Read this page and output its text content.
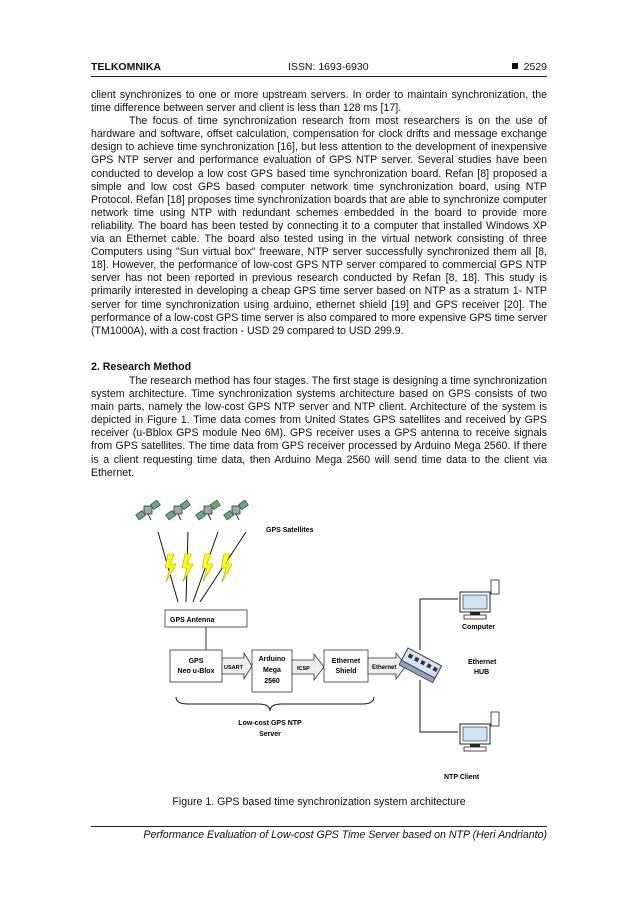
TELKOMNIKA	ISSN: 1693-6930	2529

client synchronizes to one or more upstream servers. In order to maintain synchronization, the time difference between server and client is less than 128 ms [17].

The focus of time synchronization research from most researchers is on the use of hardware and software, offset calculation, compensation for clock drifts and message exchange design to achieve time synchronization [16], but less attention to the development of inexpensive GPS NTP server and performance evaluation of GPS NTP server. Several studies have been conducted to develop a low cost GPS based time synchronization board. Refan [8] proposed a simple and low cost GPS based computer network time synchronization board, using NTP Protocol. Refan [18] proposes time synchronization boards that are able to synchronize computer network time using NTP with redundant schemes embedded in the board to provide more reliability. The board has been tested by connecting it to a computer that installed Windows XP via an Ethernet cable. The board also tested using in the virtual network consisting of three Computers using "Sun virtual box" freeware, NTP server successfully synchronized them all [8, 18]. However, the performance of low-cost GPS NTP server compared to commercial GPS NTP server has not been reported in previous research conducted by Refan [8, 18]. This study is primarily interested in developing a cheap GPS time server based on NTP as a stratum 1- NTP server for time synchronization using arduino, ethernet shield [19] and GPS receiver [20]. The performance of a low-cost GPS time server is also compared to more expensive GPS time server (TM1000A), with a cost fraction - USD 29 compared to USD 299.9.

2. Research Method

The research method has four stages. The first stage is designing a time synchronization system architecture. Time synchronization systems architecture based on GPS consists of two main parts, namely the low-cost GPS NTP server and NTP client. Architecture of the system is depicted in Figure 1. Time data comes from United States GPS satellites and received by GPS receiver (u-Bblox GPS module Neo 6M). GPS receiver uses a GPS antenna to receive signals from GPS satellites. The time data from GPS receiver processed by Arduino Mega 2560. If there is a client requesting time data, then Arduino Mega 2560 will send time data to the client via Ethernet.

GPS Satellites
GPS Antenna
GPS
Neo u-Blox USART
Arduino
Mega
2560
ICSP
Ethernet
Shield	Ethernet
Ethernet
HUB
Computer
NTP Client
Low-cost GPS NTP
Server
Figure 1. GPS based time synchronization system architecture
Performance Evaluation of Low-cost GPS Time Server based on NTP (Heri Andrianto)
